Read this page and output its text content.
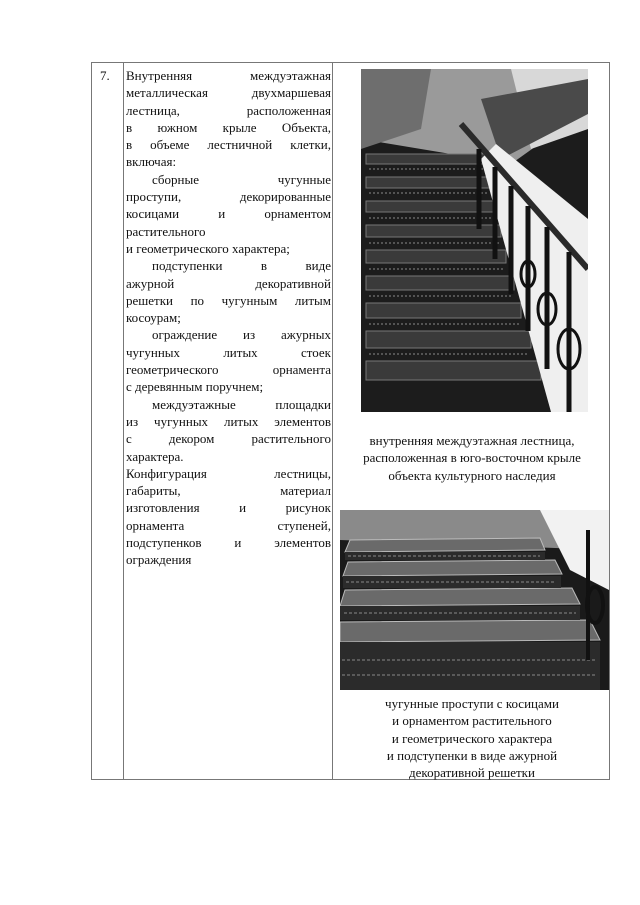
7. Внутренняя междуэтажная

металлическая двухмаршевая

лестница, расположенная

в южном крыле Объекта,

в объеме лестничной клетки,

включая:

сборные чугунные

проступи, декорированные

косицами и орнаментом

растительного

и геометрического характера;

подступенки в виде

ажурной декоративной

решетки по чугунным литым

косоурам;

ограждение из ажурных

чугунных литых стоек

геометрического орнамента

с деревянным поручнем;

междуэтажные площадки

из чугунных литых элементов

с декором растительного

характера.

Конфигурация лестницы,

габариты, материал

изготовления и рисунок

орнамента ступеней,

подступенков и элементов

ограждения

внутренняя междуэтажная лестница,
расположенная в юго-восточном крыле
объекта культурного наследия
чугунные проступи с косицами
и орнаментом растительного
и геометрического характера
и подступенки в виде ажурной
декоративной решетки
